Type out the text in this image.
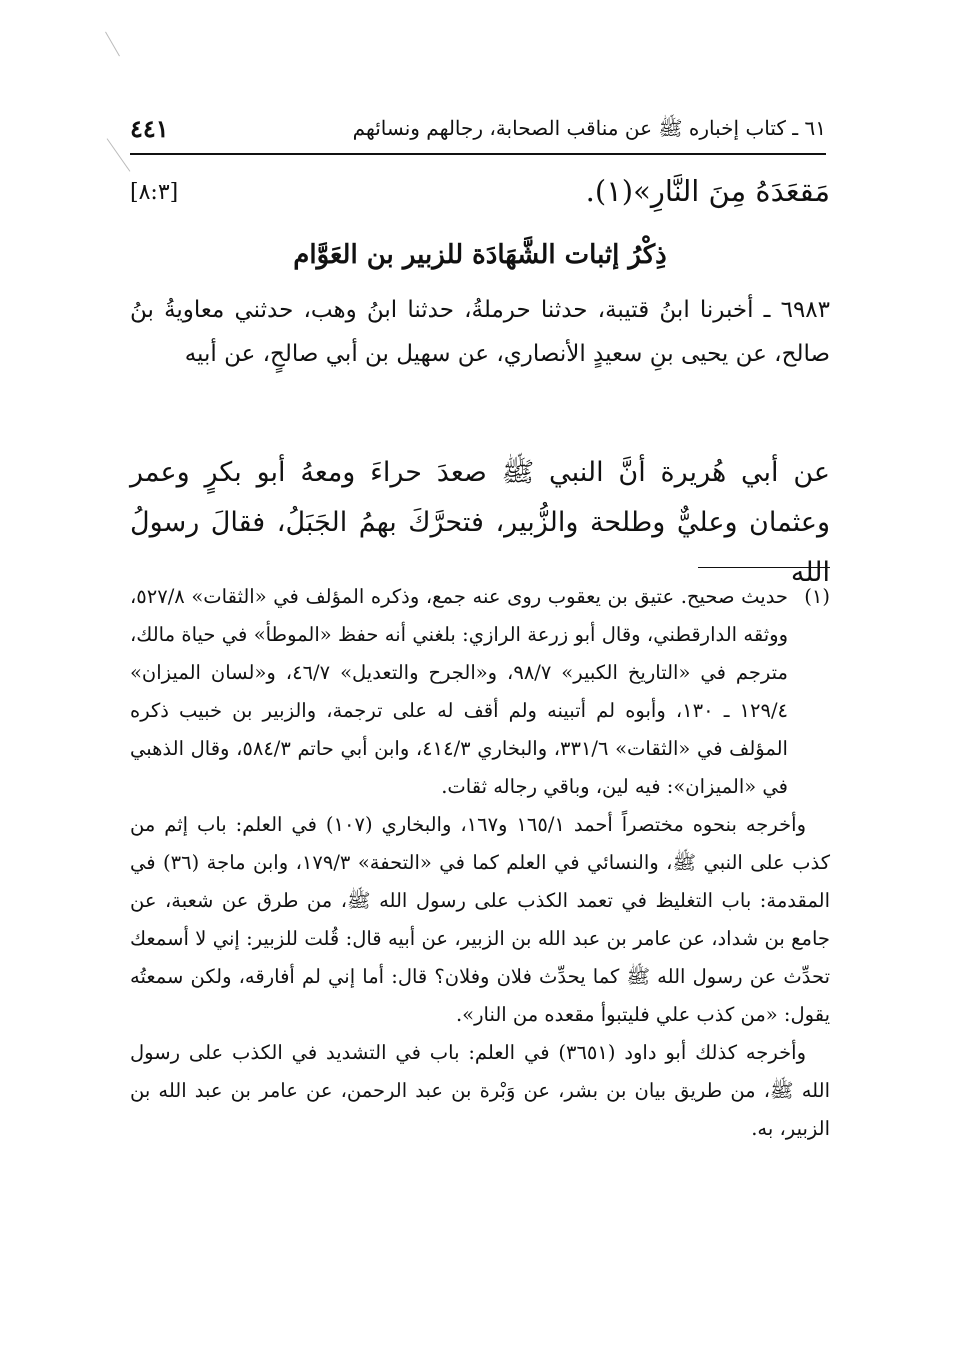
٦١ ـ كتاب إخباره ﷺ عن مناقب الصحابة، رجالهم ونسائهم
٤٤١
مَقعَدَهُ مِنَ النَّارِ»(١).
[٨:٣]
ذِكْرُ إثبات الشَّهَادَة للزبير بن العَوَّام
٦٩٨٣ ـ أخبرنا ابنُ قتيبة، حدثنا حرملةُ، حدثنا ابنُ وهب، حدثني معاويةُ بنُ صالح، عن يحيى بنِ سعيدٍ الأنصاري، عن سهيل بن أبي صالحٍ، عن أبيه
عن أبي هُريرة أنَّ النبي ﷺ صعدَ حراءَ ومعهُ أبو بكرٍ وعمر وعثمان وعليٌّ وطلحة والزُّبير، فتحرَّكَ بهمُ الجَبَلُ، فقالَ رسولُ الله
(١)

حديث صحيح. عتيق بن يعقوب روى عنه جمع، وذكره المؤلف في «الثقات» ٥٢٧/٨، ووثقه الدارقطني، وقال أبو زرعة الرازي: بلغني أنه حفظ «الموطأ» في حياة مالك، مترجم في «التاريخ الكبير» ٩٨/٧، و«الجرح والتعديل» ٤٦/٧، و«لسان الميزان» ١٢٩/٤ ـ ١٣٠، وأبوه لم أتبينه ولم أقف له على ترجمة، والزبير بن خبيب ذكره المؤلف في «الثقات» ٣٣١/٦، والبخاري ٤١٤/٣، وابن أبي حاتم ٥٨٤/٣، وقال الذهبي في «الميزان»: فيه لين، وباقي رجاله ثقات.

وأخرجه بنحوه مختصراً أحمد ١٦٥/١ و١٦٧، والبخاري (١٠٧) في العلم: باب إثم من كذب على النبي ﷺ، والنسائي في العلم كما في «التحفة» ١٧٩/٣، وابن ماجة (٣٦) في المقدمة: باب التغليظ في تعمد الكذب على رسول الله ﷺ، من طرق عن شعبة، عن جامع بن شداد، عن عامر بن عبد الله بن الزبير، عن أبيه قال: قُلت للزبير: إني لا أسمعك تحدِّث عن رسول الله ﷺ كما يحدِّث فلان وفلان؟ قال: أما إني لم أفارقه، ولكن سمعتُه يقول: «من كذب علي فليتبوأ مقعده من النار».

وأخرجه كذلك أبو داود (٣٦٥١) في العلم: باب في التشديد في الكذب على رسول الله ﷺ، من طريق بيان بن بشر، عن وَبْرة بن عبد الرحمن، عن عامر بن عبد الله بن الزبير، به.
